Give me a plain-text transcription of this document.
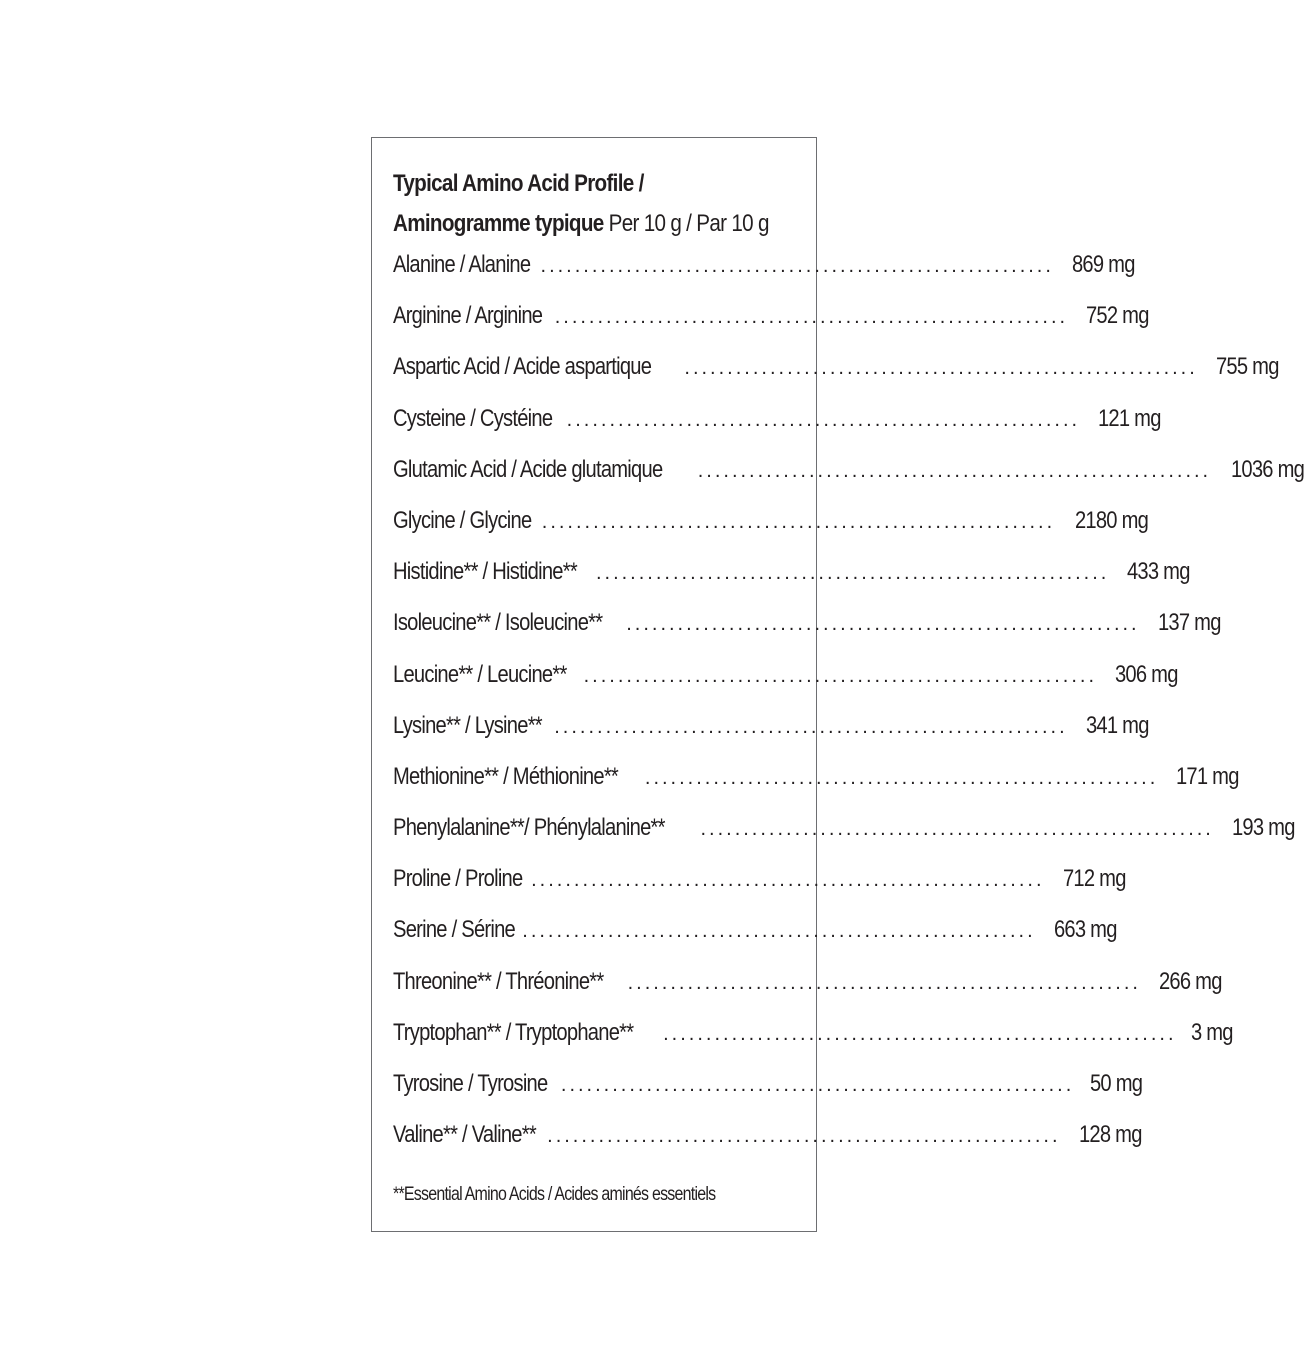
Typical Amino Acid Profile /
Aminogramme typique Per 10 g / Par 10 g
Alanine / Alanine ............................................................ 869 mg
Arginine / Arginine ............................................................ 752 mg
Aspartic Acid / Acide aspartique	............................................................ 755 mg
Cysteine / Cystéine ............................................................ 121 mg
Glutamic Acid / Acide glutamique	............................................................ 1036 mg
Glycine / Glycine ............................................................ 2180 mg
Histidine** / Histidine** ............................................................ 433 mg
Isoleucine** / Isoleucine**	............................................................ 137 mg
Leucine** / Leucine** ............................................................ 306 mg
Lysine** / Lysine** ............................................................ 341 mg
Methionine** / Méthionine**	............................................................ 171 mg
Phenylalanine**/ Phénylalanine**	............................................................ 193 mg
Proline / Proline ............................................................ 712 mg
Serine / Sérine ............................................................ 663 mg
Threonine** / Thréonine**	............................................................ 266 mg
Tryptophan** / Tryptophane**	............................................................ 3 mg
Tyrosine / Tyrosine ............................................................ 50 mg
Valine** / Valine** ............................................................ 128 mg
**Essential Amino Acids / Acides aminés essentiels
